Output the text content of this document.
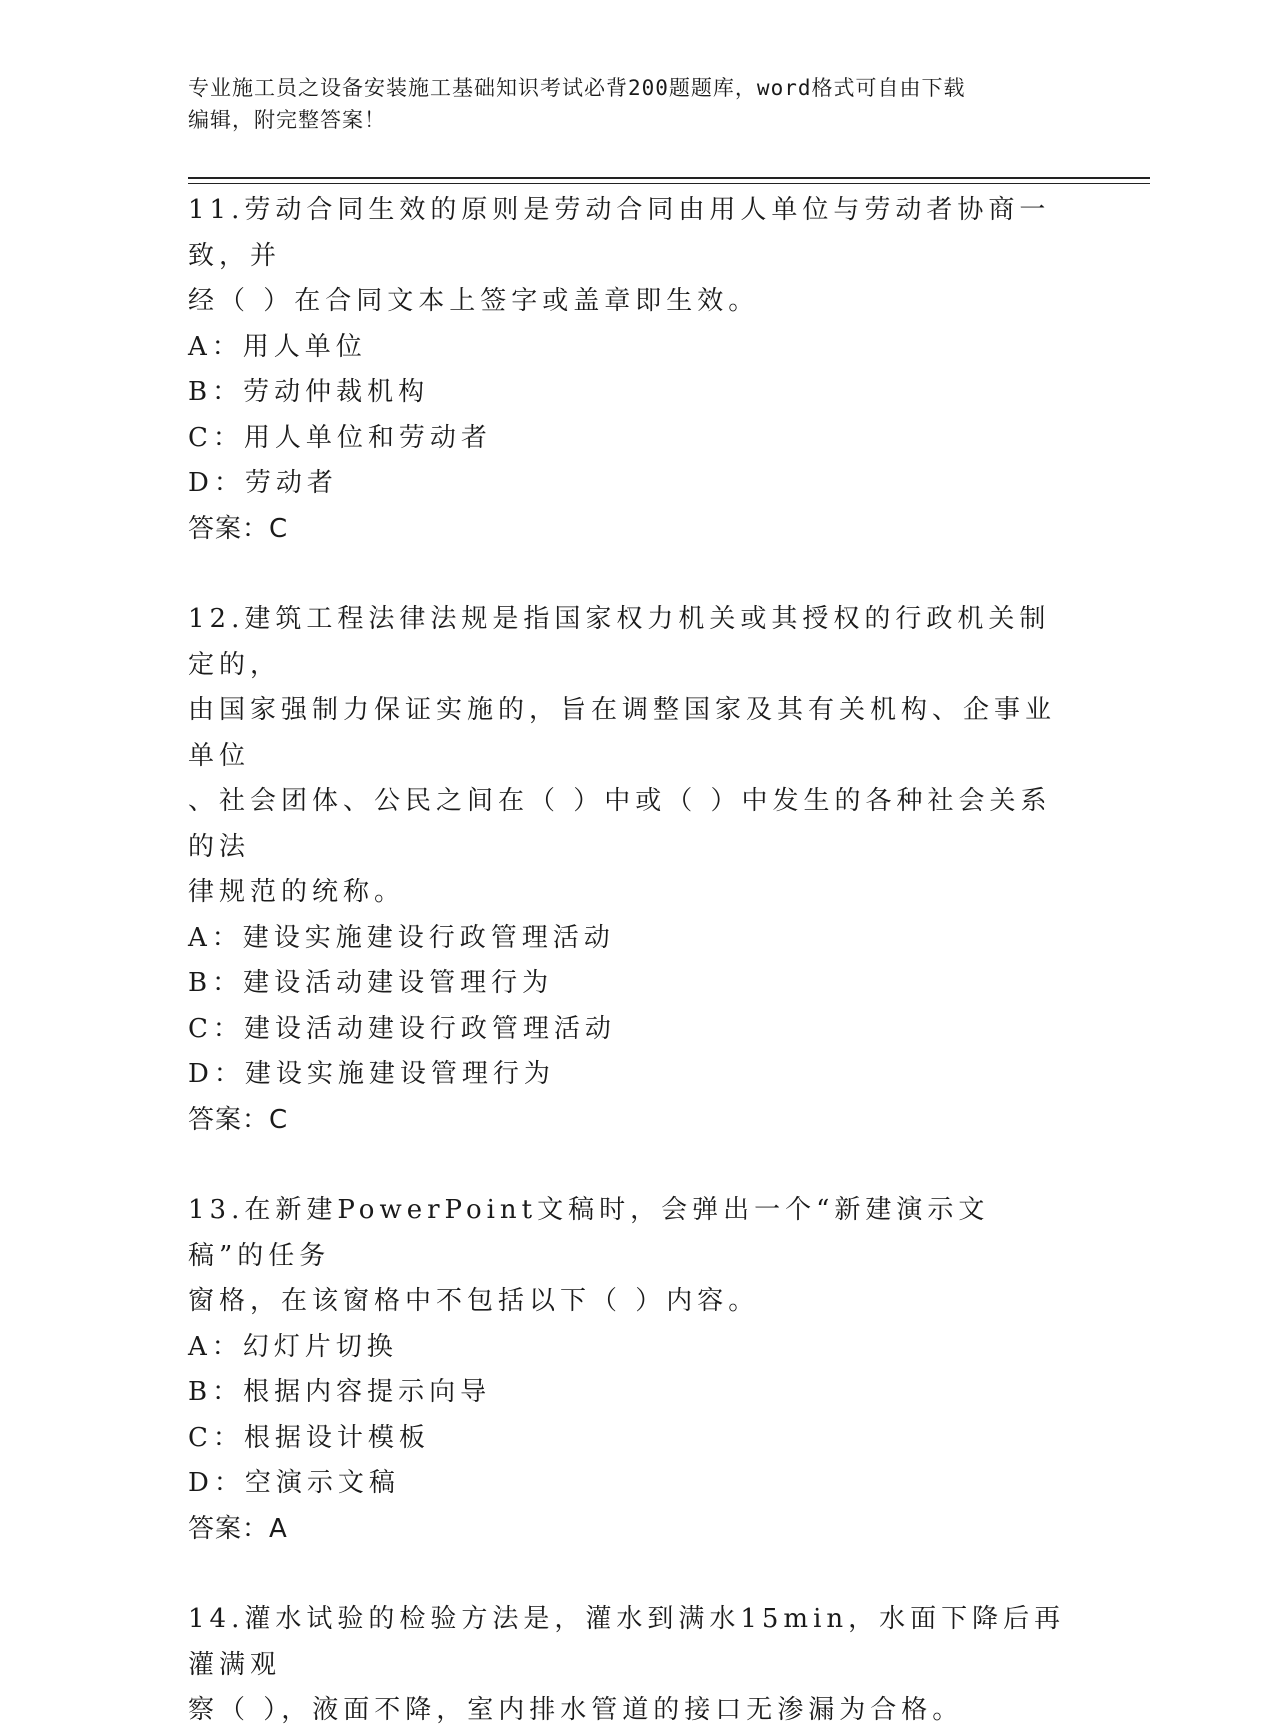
专业施工员之设备安装施工基础知识考试必背200题题库，word格式可自由下载
编辑，附完整答案！
11.劳动合同生效的原则是劳动合同由用人单位与劳动者协商一致，并
经（ ）在合同文本上签字或盖章即生效。
A：用人单位
B：劳动仲裁机构
C：用人单位和劳动者
D：劳动者
答案：C
12.建筑工程法律法规是指国家权力机关或其授权的行政机关制定的，
由国家强制力保证实施的，旨在调整国家及其有关机构、企事业单位
、社会团体、公民之间在（ ）中或（ ）中发生的各种社会关系的法
律规范的统称。
A：建设实施建设行政管理活动
B：建设活动建设管理行为
C：建设活动建设行政管理活动
D：建设实施建设管理行为
答案：C
13.在新建PowerPoint文稿时，会弹出一个“新建演示文稿”的任务
窗格，在该窗格中不包括以下（ ）内容。
A：幻灯片切换
B：根据内容提示向导
C：根据设计模板
D：空演示文稿
答案：A
14.灌水试验的检验方法是，灌水到满水15min，水面下降后再灌满观
察（ ），液面不降，室内排水管道的接口无渗漏为合格。
